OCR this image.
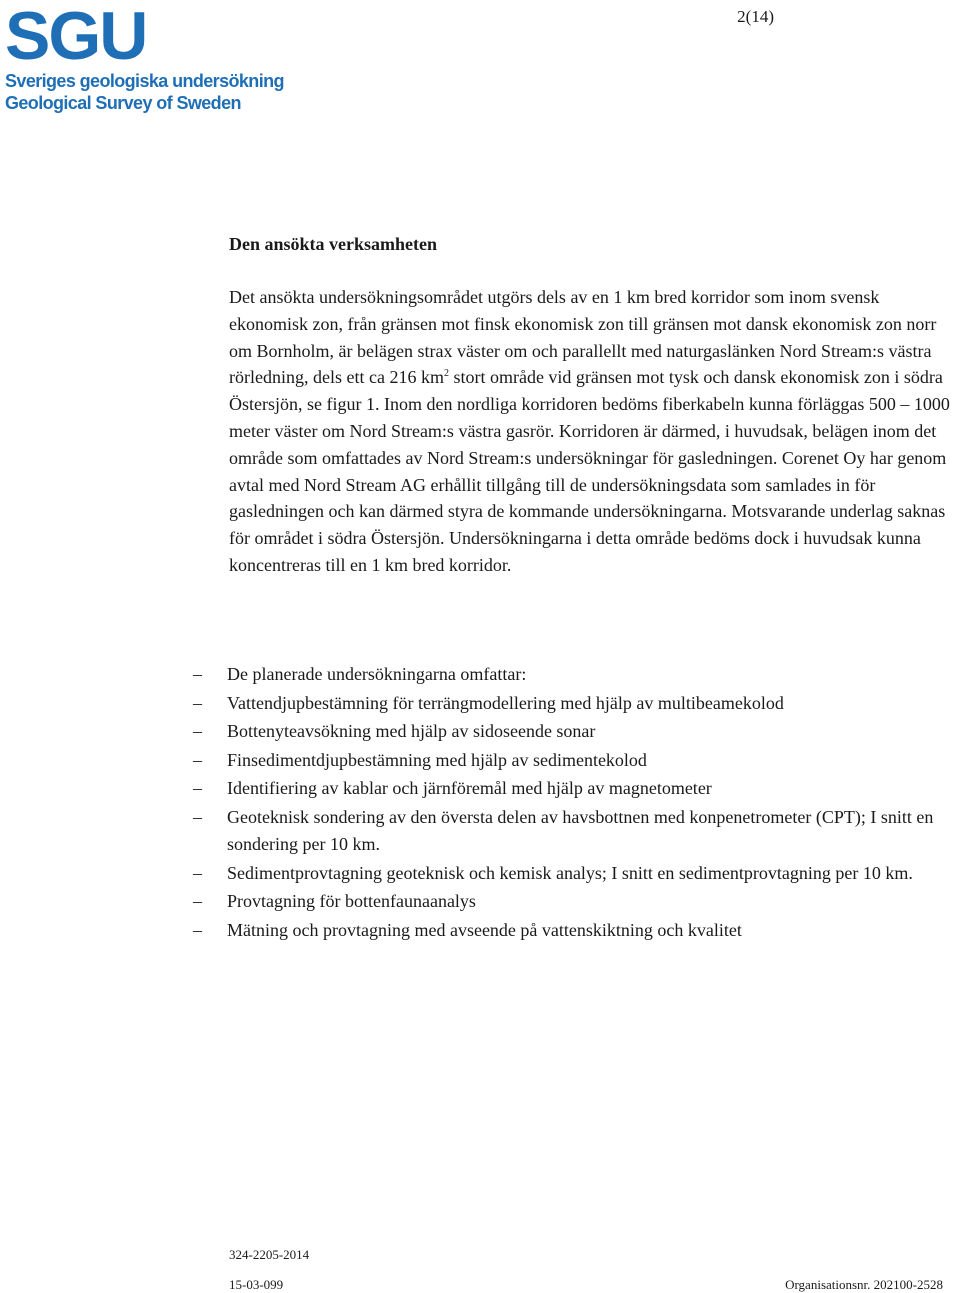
SGU
Sveriges geologiska undersökning
Geological Survey of Sweden
2(14)
Den ansökta verksamheten

Det ansökta undersökningsområdet utgörs dels av en 1 km bred korridor som inom svensk ekonomisk zon, från gränsen mot finsk ekonomisk zon till gränsen mot dansk ekonomisk zon norr om Bornholm, är belägen strax väster om och parallellt med naturgaslänken Nord Stream:s västra rörledning, dels ett ca 216 $km^2$ stort område vid gränsen mot tysk och dansk ekonomisk zon i södra Östersjön, se figur 1. Inom den nordliga korridoren bedöms fiberkabeln kunna förläggas 500 – 1000 meter väster om Nord Stream:s västra gasrör. Korridoren är därmed, i huvudsak, belägen inom det område som omfattades av Nord Stream:s undersökningar för gasledningen. Corenet Oy har genom avtal med Nord Stream AG erhållit tillgång till de undersökningsdata som samlades in för gasledningen och kan därmed styra de kommande undersökningarna. Motsvarande underlag saknas för området i södra Östersjön. Undersökningarna i detta område bedöms dock i huvudsak kunna koncentreras till en 1 km bred korridor.

–	De planerade undersökningarna omfattar:
–	Vattendjupbestämning för terrängmodellering med hjälp av multibeamekolod
–	Bottenyteavsökning med hjälp av sidoseende sonar
–	Finsedimentdjupbestämning med hjälp av sedimentekolod
–	Identifiering av kablar och järnföremål med hjälp av magnetometer
–	Geoteknisk sondering av den översta delen av havsbottnen med konpenetrometer (CPT); I snitt en sondering per 10 km.
–	Sedimentprovtagning geoteknisk och kemisk analys; I snitt en sedimentprovtagning per 10 km.
–	Provtagning för bottenfaunaanalys
–	Mätning och provtagning med avseende på vattenskiktning och kvalitet
324-2205-2014
15-03-099	Organisationsnr. 202100-2528
